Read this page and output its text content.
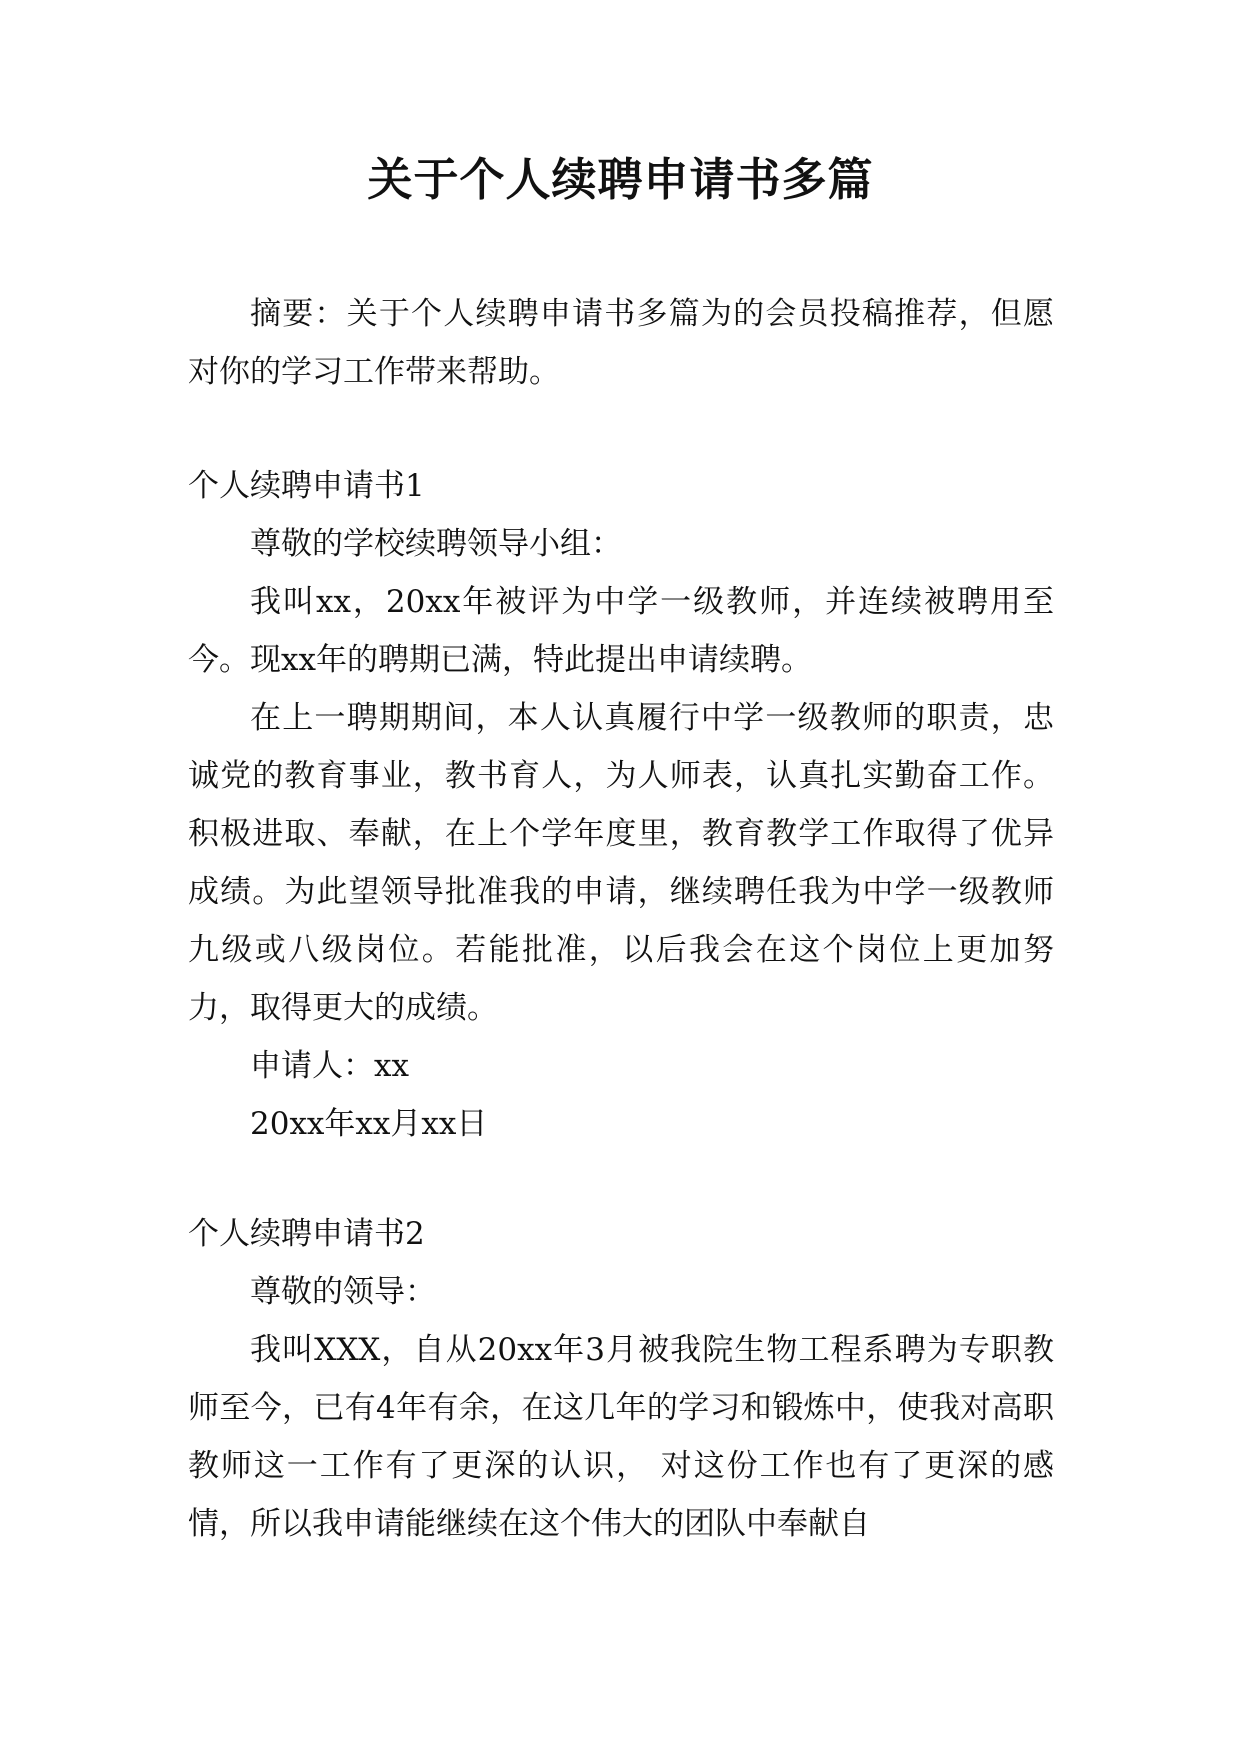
关于个人续聘申请书多篇

摘要：关于个人续聘申请书多篇为的会员投稿推荐，但愿对你的学习工作带来帮助。

个人续聘申请书1

尊敬的学校续聘领导小组：

我叫xx，20xx年被评为中学一级教师，并连续被聘用至今。现xx年的聘期已满，特此提出申请续聘。

在上一聘期期间，本人认真履行中学一级教师的职责，忠诚党的教育事业，教书育人，为人师表，认真扎实勤奋工作。积极进取、奉献，在上个学年度里，教育教学工作取得了优异成绩。为此望领导批准我的申请，继续聘任我为中学一级教师九级或八级岗位。若能批准，以后我会在这个岗位上更加努力，取得更大的成绩。

申请人：xx

20xx年xx月xx日

个人续聘申请书2

尊敬的领导：

我叫XXX，自从20xx年3月被我院生物工程系聘为专职教师至今，已有4年有余，在这几年的学习和锻炼中，使我对高职教师这一工作有了更深的认识， 对这份工作也有了更深的感情，所以我申请能继续在这个伟大的团队中奉献自
